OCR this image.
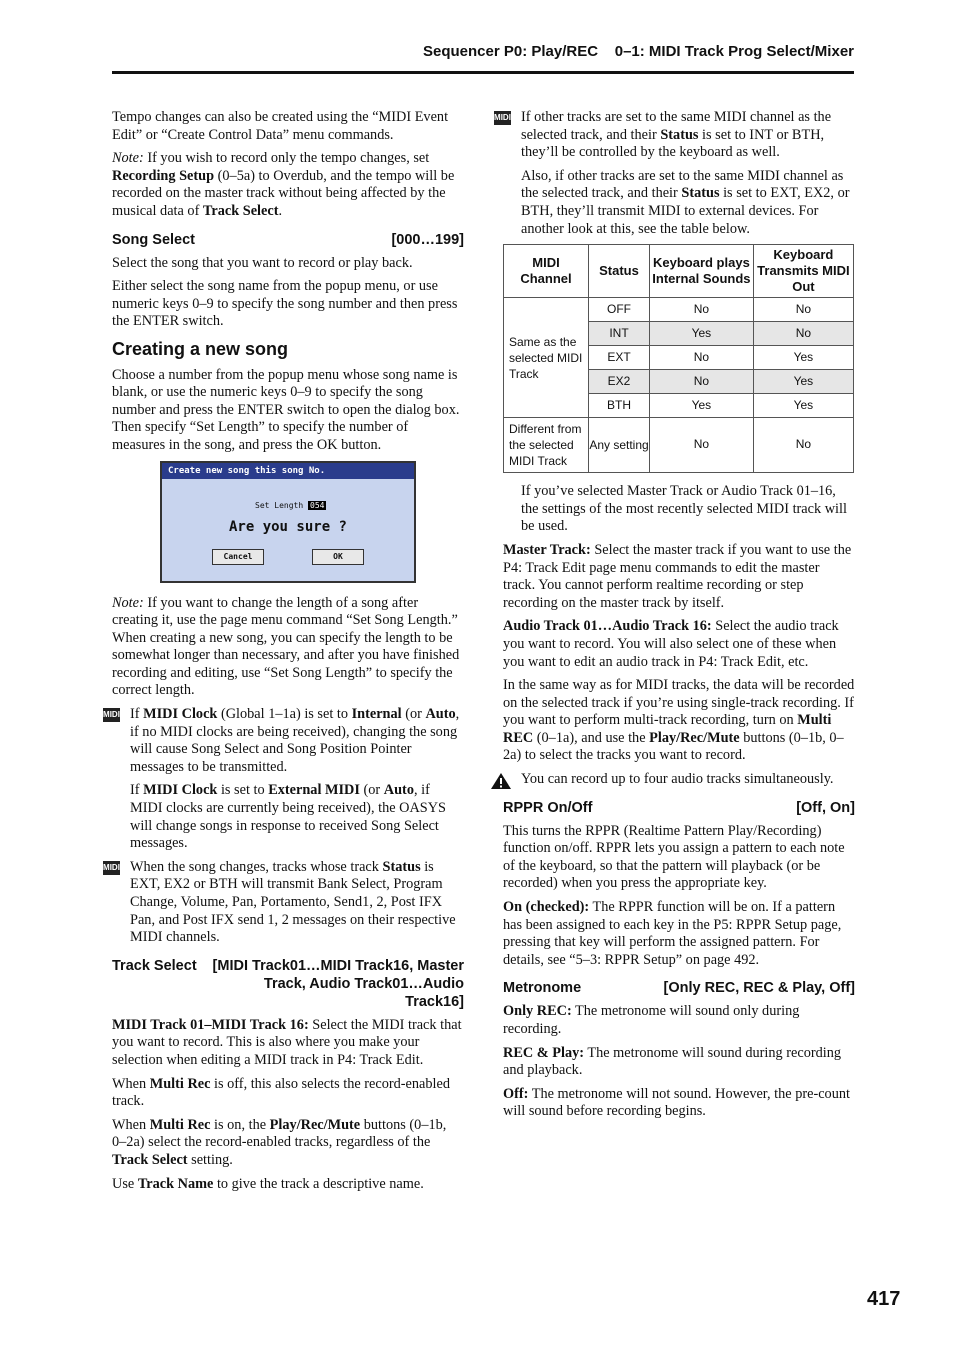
Sequencer P0: Play/REC    0–1: MIDI Track Prog Select/Mixer

Tempo changes can also be created using the “MIDI Event Edit” or “Create Control Data” menu commands.

Note: If you wish to record only the tempo changes, set Recording Setup (0–5a) to Overdub, and the tempo will be recorded on the master track without being affected by the musical data of Track Select.

Song Select	[000…199]

Select the song that you want to record or play back.

Either select the song name from the popup menu, or use numeric keys 0–9 to specify the song number and then press the ENTER switch.

Creating a new song

Choose a number from the popup menu whose song name is blank, or use the numeric keys 0–9 to specify the song number and press the ENTER switch to open the dialog box. Then specify “Set Length” to specify the number of measures in the song, and press the OK button.

Create new song this song No.
Set Length 054
Are you sure ?
Cancel	OK

Note: If you want to change the length of a song after creating it, use the page menu command “Set Song Length.” When creating a new song, you can specify the length to be somewhat longer than necessary, and after you have finished recording and editing, use “Set Song Length” to specify the correct length.

MIDI If MIDI Clock (Global 1–1a) is set to Internal (or Auto, if no MIDI clocks are being received), changing the song will cause Song Select and Song Position Pointer messages to be transmitted.

If MIDI Clock is set to External MIDI (or Auto, if MIDI clocks are currently being received), the OASYS will change songs in response to received Song Select messages.

MIDI When the song changes, tracks whose track Status is EXT, EX2 or BTH will transmit Bank Select, Program Change, Volume, Pan, Portamento, Send1, 2, Post IFX Pan, and Post IFX send 1, 2 messages on their respective MIDI channels.

Track Select	[MIDI Track01…MIDI Track16, Master Track, Audio Track01…Audio Track16]

MIDI Track 01–MIDI Track 16: Select the MIDI track that you want to record. This is also where you make your selection when editing a MIDI track in P4: Track Edit.

When Multi Rec is off, this also selects the record-enabled track.

When Multi Rec is on, the Play/Rec/Mute buttons (0–1b, 0–2a) select the record-enabled tracks, regardless of the Track Select setting.

Use Track Name to give the track a descriptive name.

MIDI If other tracks are set to the same MIDI channel as the selected track, and their Status is set to INT or BTH, they’ll be controlled by the keyboard as well.

Also, if other tracks are set to the same MIDI channel as the selected track, and their Status is set to EXT, EX2, or BTH, they’ll transmit MIDI to external devices. For another look at this, see the table below.

MIDI Channel	Status	Keyboard plays Internal Sounds	Keyboard Transmits MIDI Out
Same as the selected MIDI Track	OFF	No	No
	INT	Yes	No
	EXT	No	Yes
	EX2	No	Yes
	BTH	Yes	Yes
Different from the selected MIDI Track	Any setting	No	No

If you’ve selected Master Track or Audio Track 01–16, the settings of the most recently selected MIDI track will be used.

Master Track: Select the master track if you want to use the P4: Track Edit page menu commands to edit the master track. You cannot perform realtime recording or step recording on the master track by itself.

Audio Track 01…Audio Track 16: Select the audio track you want to record. You will also select one of these when you want to edit an audio track in P4: Track Edit, etc.

In the same way as for MIDI tracks, the data will be recorded on the selected track if you’re using single-track recording. If you want to perform multi-track recording, turn on Multi REC (0–1a), and use the Play/Rec/Mute buttons (0–1b, 0–2a) to select the tracks you want to record.

You can record up to four audio tracks simultaneously.

RPPR On/Off	[Off, On]

This turns the RPPR (Realtime Pattern Play/Recording) function on/off. RPPR lets you assign a pattern to each note of the keyboard, so that the pattern will playback (or be recorded) when you press the appropriate key.

On (checked): The RPPR function will be on. If a pattern has been assigned to each key in the P5: RPPR Setup page, pressing that key will perform the assigned pattern. For details, see “5–3: RPPR Setup” on page 492.

Metronome	[Only REC, REC & Play, Off]

Only REC: The metronome will sound only during recording.

REC & Play: The metronome will sound during recording and playback.

Off: The metronome will not sound. However, the pre-count will sound before recording begins.

417
